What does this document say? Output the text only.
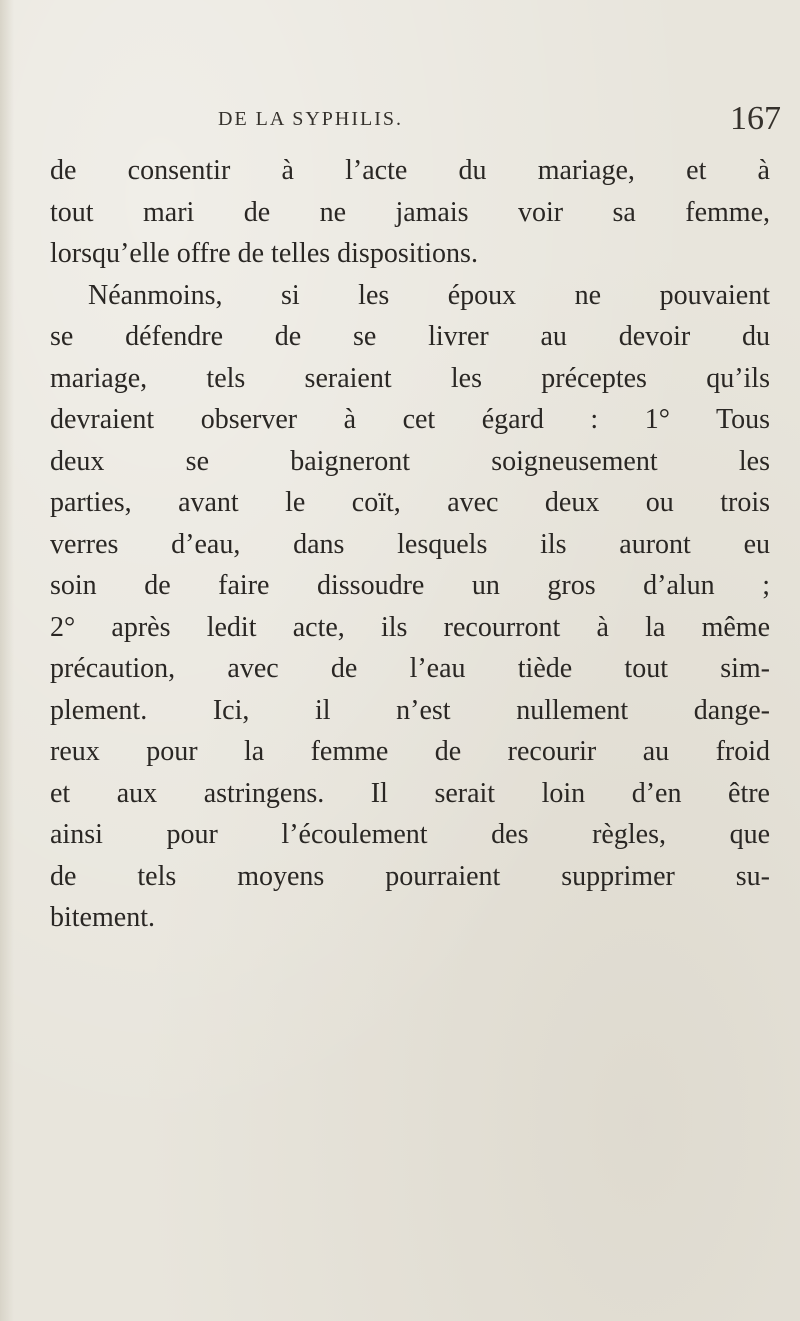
DE LA SYPHILIS.	167
de consentir à l’acte du mariage, et à
tout mari de ne jamais voir sa femme,
lorsqu’elle offre de telles dispositions.
Néanmoins, si les époux ne pouvaient
se défendre de se livrer au devoir du
mariage, tels seraient les préceptes qu’ils
devraient observer à cet égard : 1° Tous
deux se baigneront soigneusement les
parties, avant le coït, avec deux ou trois
verres d’eau, dans lesquels ils auront eu
soin de faire dissoudre un gros d’alun ;
2° après ledit acte, ils recourront à la même
précaution, avec de l’eau tiède tout sim-
plement. Ici, il n’est nullement dange-
reux pour la femme de recourir au froid
et aux astringens. Il serait loin d’en être
ainsi pour l’écoulement des règles, que
de tels moyens pourraient supprimer su-
bitement.
